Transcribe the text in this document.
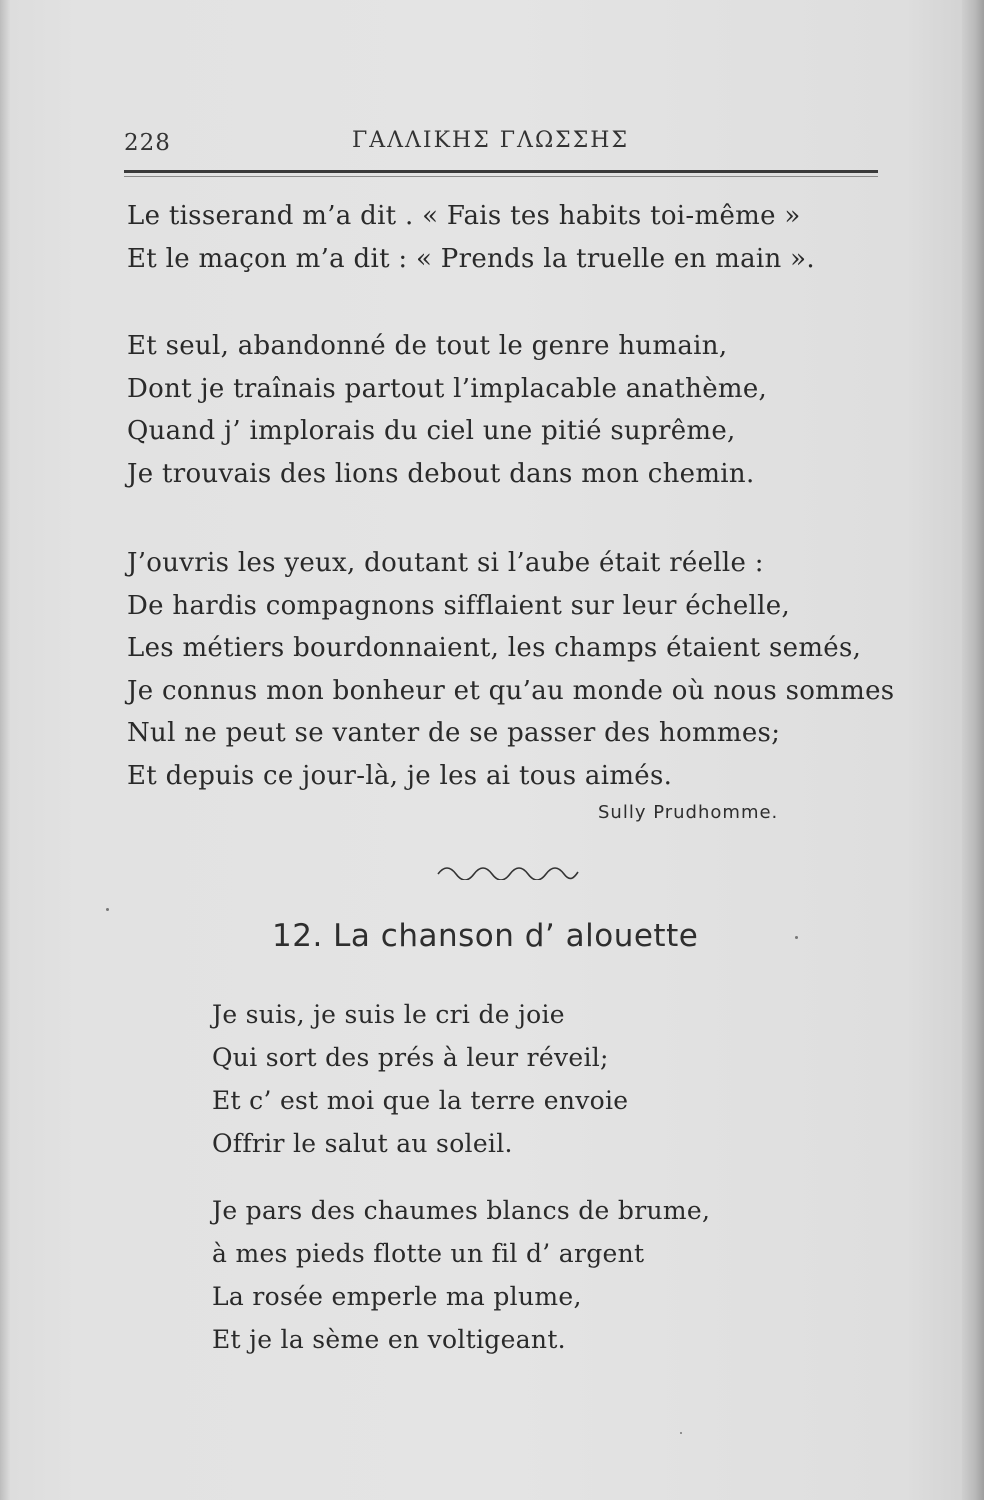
228	ΓΑΛΛΙΚΗΣ ΓΛΩΣΣΗΣ
Le tisserand m’a dit . « Fais tes habits toi-même »
Et le maçon m’a dit : « Prends la truelle en main ».
Et seul, abandonné de tout le genre humain,
Dont je traînais partout l’implacable anathème,
Quand j’ implorais du ciel une pitié suprême,
Je trouvais des lions debout dans mon chemin.
J’ouvris les yeux, doutant si l’aube était réelle :
De hardis compagnons sifflaient sur leur échelle,
Les métiers bourdonnaient, les champs étaient semés,
Je connus mon bonheur et qu’au monde où nous sommes
Nul ne peut se vanter de se passer des hommes;
Et depuis ce jour-là, je les ai tous aimés.
Sully Prudhomme.
12. La chanson d’ alouette
Je suis, je suis le cri de joie
Qui sort des prés à leur réveil;
Et c’ est moi que la terre envoie
Offrir le salut au soleil.
Je pars des chaumes blancs de brume,
à mes pieds flotte un fil d’ argent
La rosée emperle ma plume,
Et je la sème en voltigeant.
